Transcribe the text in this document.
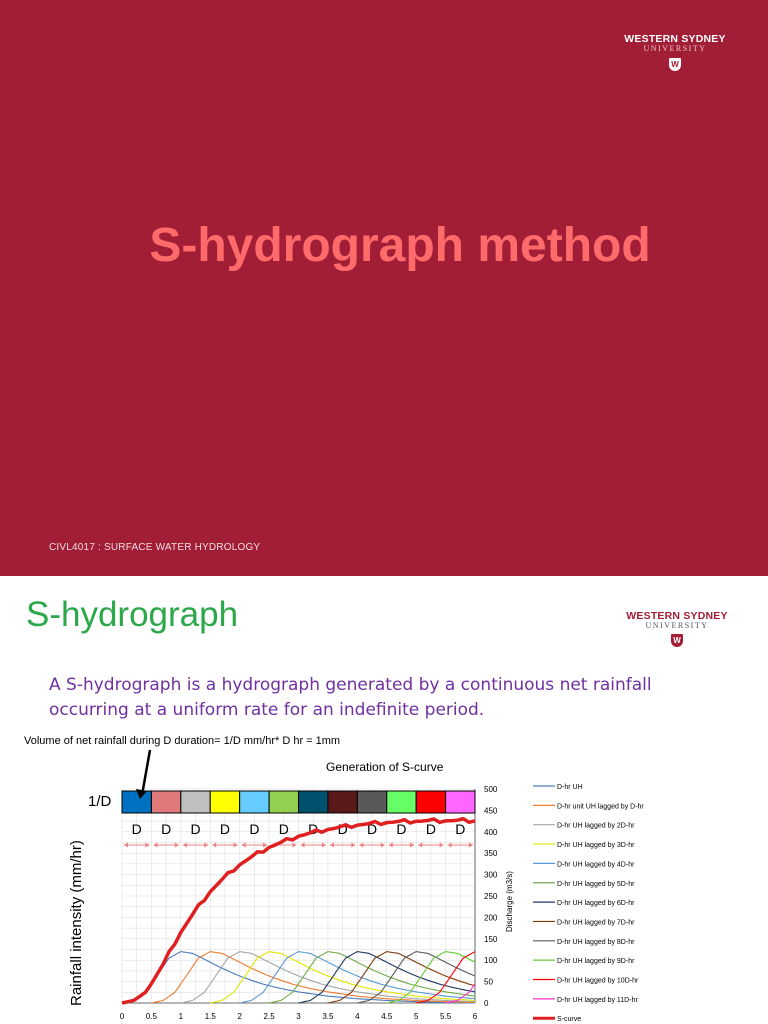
WESTERN SYDNEY
UNIVERSITY
W
S-hydrograph method
CIVL4017 : SURFACE WATER HYDROLOGY
WESTERN SYDNEY
UNIVERSITY
W
S-hydrograph
A S-hydrograph is a hydrograph generated by a continuous net rainfall occurring at a uniform rate for an indefinite period.
Volume of net rainfall during D duration= 1/D mm/hr* D hr = 1mm
Generation of S-curve
1/D
Rainfall intensity (mm/hr)	Discharge (m3/s)
D D D D D D D D D D D D
500
450
400
350
300
250
200
150
100
50
0
0	0.5	1	1.5	2	2.5	3	3.5	4	4.5	5	5.5	6
D-hr UH
D-hr unit UH lagged by D-hr
D-hr UH lagged by 2D-hr
D-hr UH lagged by 3D-hr
D-hr UH lagged by 4D-hr
D-hr UH lagged by 5D-hr
D-hr UH lagged by 6D-hr
D-hr UH lagged by 7D-hr
D-hr UH lagged by 8D-hr
D-hr UH lagged by 9D-hr
D-hr UH lagged by 10D-hr
D-hr UH lagged by 11D-hr
S-curve
